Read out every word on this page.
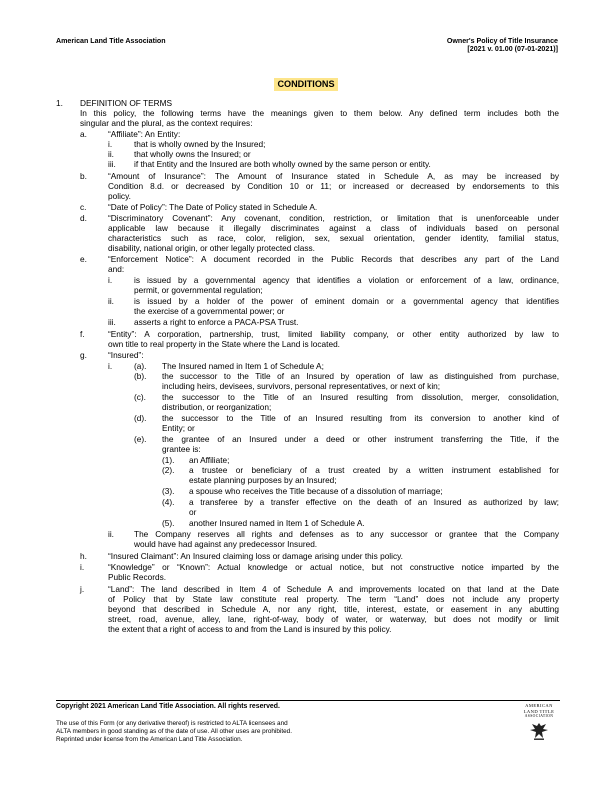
American Land Title Association	Owner's Policy of Title Insurance
[2021 v. 01.00 (07-01-2021)]
CONDITIONS
1. DEFINITION OF TERMS
In this policy, the following terms have the meanings given to them below. Any defined term includes both the
singular and the plural, as the context requires:
a.	“Affiliate”: An Entity:
i.	that is wholly owned by the Insured;
ii. that wholly owns the Insured; or
iii. if that Entity and the Insured are both wholly owned by the same person or entity.
b.	“Amount of Insurance”: The Amount of Insurance stated in Schedule A, as may be increased by
Condition 8.d. or decreased by Condition 10 or 11; or increased or decreased by endorsements to this
policy.
c.	“Date of Policy”: The Date of Policy stated in Schedule A.
d.	“Discriminatory Covenant”: Any covenant, condition, restriction, or limitation that is unenforceable under
applicable law because it illegally discriminates against a class of individuals based on personal
characteristics such as race, color, religion, sex, sexual orientation, gender identity, familial status,
disability, national origin, or other legally protected class.
e.	“Enforcement Notice”: A document recorded in the Public Records that describes any part of the Land
and:
i.	is issued by a governmental agency that identifies a violation or enforcement of a law, ordinance,
permit, or governmental regulation;
ii. is issued by a holder of the power of eminent domain or a governmental agency that identifies
the exercise of a governmental power; or
iii. asserts a right to enforce a PACA-PSA Trust.
f.	“Entity”: A corporation, partnership, trust, limited liability company, or other entity authorized by law to
own title to real property in the State where the Land is located.
g.	“Insured”:
i.	(a). The Insured named in Item 1 of Schedule A;
(b). the successor to the Title of an Insured by operation of law as distinguished from purchase,
including heirs, devisees, survivors, personal representatives, or next of kin;
(c). the successor to the Title of an Insured resulting from dissolution, merger, consolidation,
distribution, or reorganization;
(d). the successor to the Title of an Insured resulting from its conversion to another kind of
Entity; or
(e). the grantee of an Insured under a deed or other instrument transferring the Title, if the
grantee is:
(1). an Affiliate;
(2). a trustee or beneficiary of a trust created by a written instrument established for
estate planning purposes by an Insured;
(3). a spouse who receives the Title because of a dissolution of marriage;
(4). a transferee by a transfer effective on the death of an Insured as authorized by law;
or
(5). another Insured named in Item 1 of Schedule A.
ii. The Company reserves all rights and defenses as to any successor or grantee that the Company
would have had against any predecessor Insured.
h.	“Insured Claimant”: An Insured claiming loss or damage arising under this policy.
i.	“Knowledge” or “Known”: Actual knowledge or actual notice, but not constructive notice imparted by the
Public Records.
j.	“Land”: The land described in Item 4 of Schedule A and improvements located on that land at the Date
of Policy that by State law constitute real property. The term “Land” does not include any property
beyond that described in Schedule A, nor any right, title, interest, estate, or easement in any abutting
street, road, avenue, alley, lane, right-of-way, body of water, or waterway, but does not modify or limit
the extent that a right of access to and from the Land is insured by this policy.
Copyright 2021 American Land Title Association. All rights reserved.
The use of this Form (or any derivative thereof) is restricted to ALTA licensees and
ALTA members in good standing as of the date of use. All other uses are prohibited.
Reprinted under license from the American Land Title Association.
AMERICAN
LAND TITLE
ASSOCIATION
